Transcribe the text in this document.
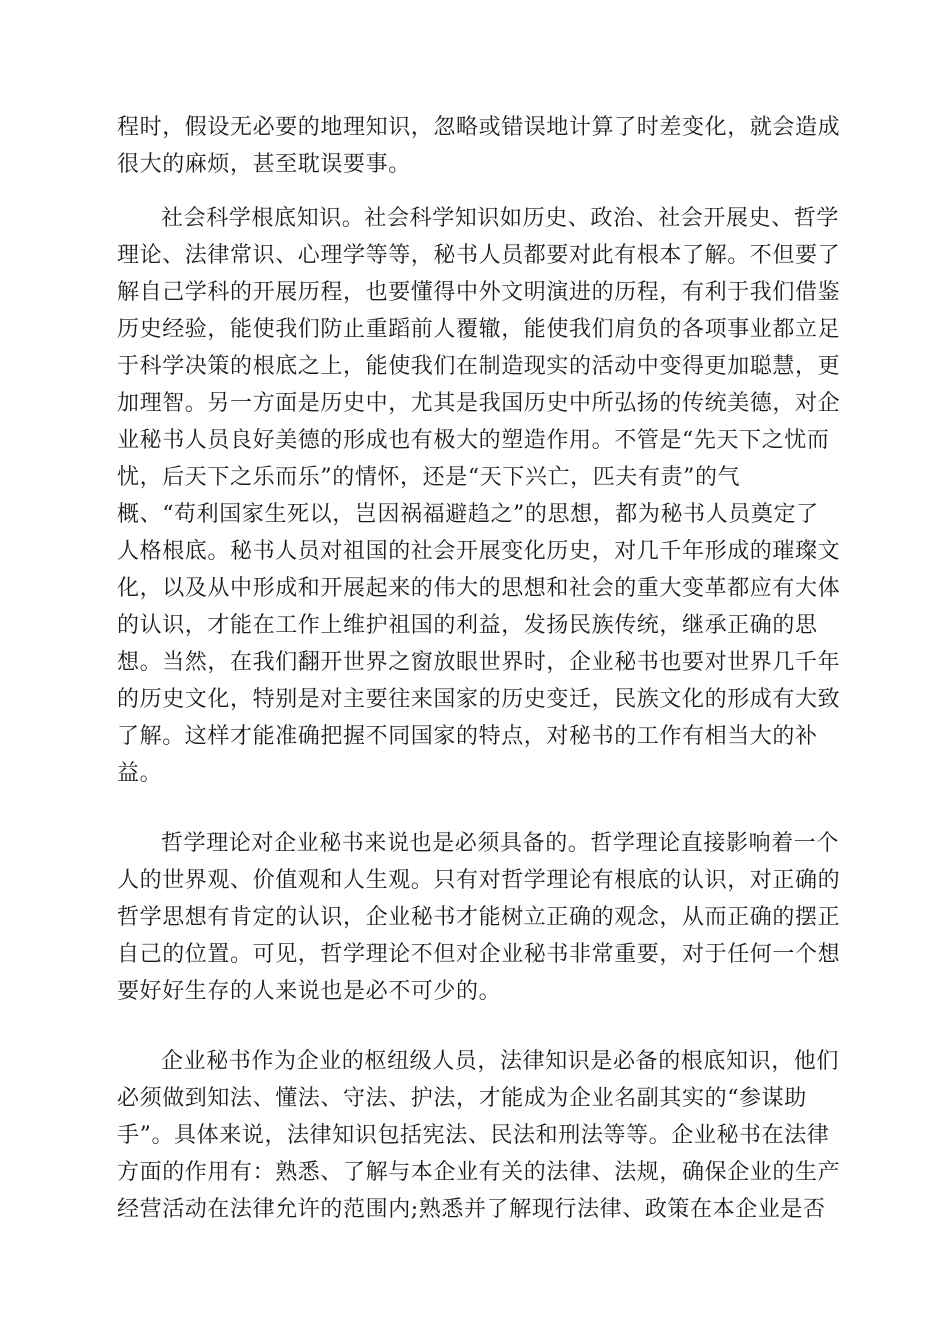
程时，假设无必要的地理知识，忽略或错误地计算了时差变化，就会造成
很大的麻烦，甚至耽误要事。
社会科学根底知识。社会科学知识如历史、政治、社会开展史、哲学
理论、法律常识、心理学等等，秘书人员都要对此有根本了解。不但要了
解自己学科的开展历程，也要懂得中外文明演进的历程，有利于我们借鉴
历史经验，能使我们防止重蹈前人覆辙，能使我们肩负的各项事业都立足
于科学决策的根底之上，能使我们在制造现实的活动中变得更加聪慧，更
加理智。另一方面是历史中，尤其是我国历史中所弘扬的传统美德，对企
业秘书人员良好美德的形成也有极大的塑造作用。不管是“先天下之忧而
忧，后天下之乐而乐”的情怀，还是“天下兴亡，匹夫有责”的气
概、“苟利国家生死以，岂因祸福避趋之”的思想，都为秘书人员奠定了
人格根底。秘书人员对祖国的社会开展变化历史，对几千年形成的璀璨文
化，以及从中形成和开展起来的伟大的思想和社会的重大变革都应有大体
的认识，才能在工作上维护祖国的利益，发扬民族传统，继承正确的思
想。当然，在我们翻开世界之窗放眼世界时，企业秘书也要对世界几千年
的历史文化，特别是对主要往来国家的历史变迁，民族文化的形成有大致
了解。这样才能准确把握不同国家的特点，对秘书的工作有相当大的补
益。
哲学理论对企业秘书来说也是必须具备的。哲学理论直接影响着一个
人的世界观、价值观和人生观。只有对哲学理论有根底的认识，对正确的
哲学思想有肯定的认识，企业秘书才能树立正确的观念，从而正确的摆正
自己的位置。可见，哲学理论不但对企业秘书非常重要，对于任何一个想
要好好生存的人来说也是必不可少的。
企业秘书作为企业的枢纽级人员，法律知识是必备的根底知识，他们
必须做到知法、懂法、守法、护法，才能成为企业名副其实的“参谋助
手”。具体来说，法律知识包括宪法、民法和刑法等等。企业秘书在法律
方面的作用有：熟悉、了解与本企业有关的法律、法规，确保企业的生产
经营活动在法律允许的范围内;熟悉并了解现行法律、政策在本企业是否
